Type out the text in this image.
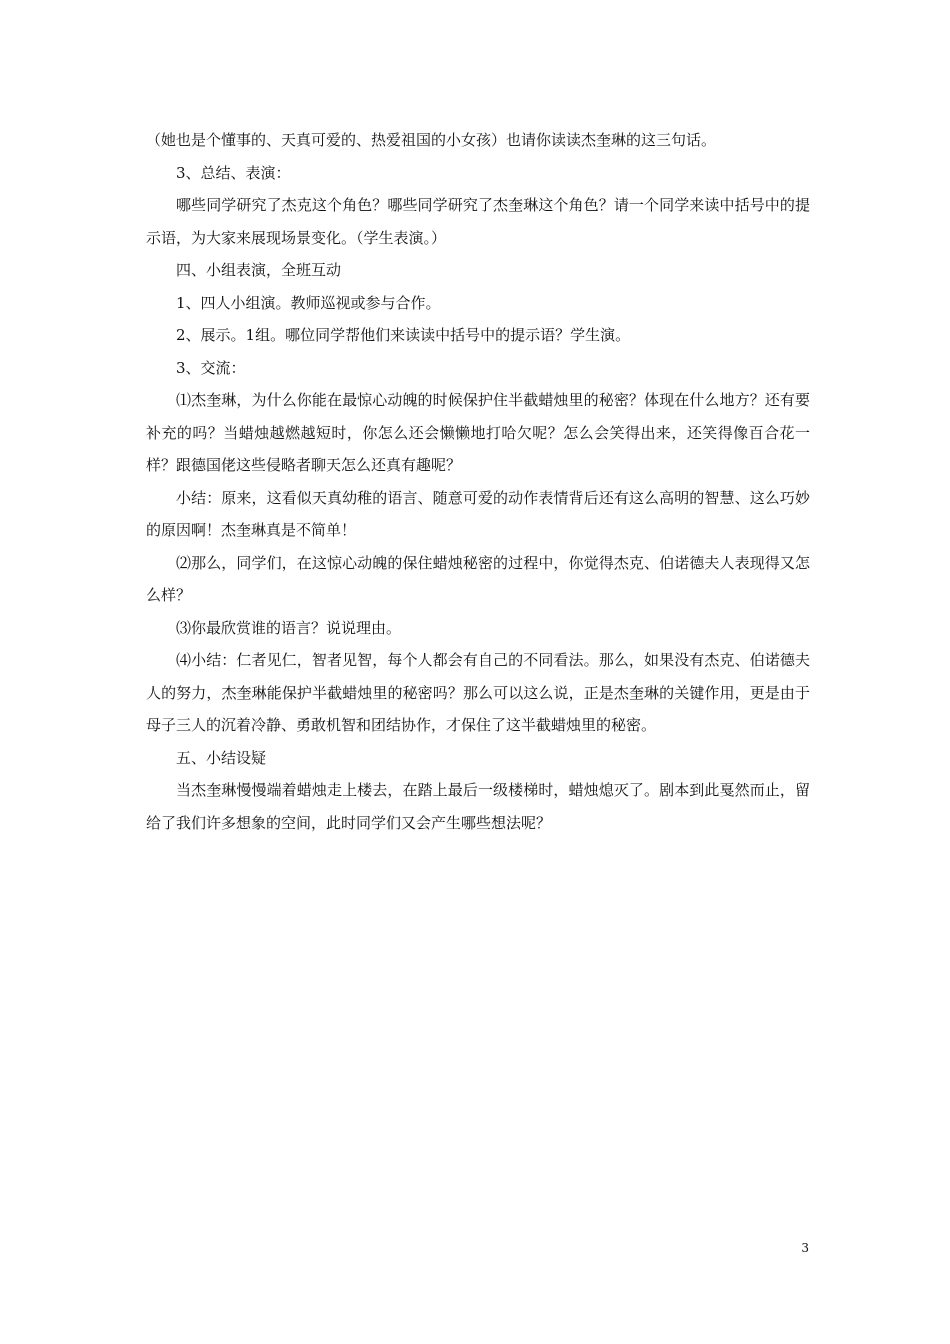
（她也是个懂事的、天真可爱的、热爱祖国的小女孩）也请你读读杰奎琳的这三句话。

3、总结、表演：

哪些同学研究了杰克这个角色？哪些同学研究了杰奎琳这个角色？请一个同学来读中括号中的提示语，为大家来展现场景变化。（学生表演。）

四、小组表演，全班互动

1、四人小组演。教师巡视或参与合作。

2、展示。1组。哪位同学帮他们来读读中括号中的提示语？学生演。

3、交流：

⑴杰奎琳，为什么你能在最惊心动魄的时候保护住半截蜡烛里的秘密？体现在什么地方？还有要补充的吗？当蜡烛越燃越短时，你怎么还会懒懒地打哈欠呢？怎么会笑得出来，还笑得像百合花一样？跟德国佬这些侵略者聊天怎么还真有趣呢？

小结：原来，这看似天真幼稚的语言、随意可爱的动作表情背后还有这么高明的智慧、这么巧妙的原因啊！杰奎琳真是不简单！

⑵那么，同学们，在这惊心动魄的保住蜡烛秘密的过程中，你觉得杰克、伯诺德夫人表现得又怎么样？

⑶你最欣赏谁的语言？说说理由。

⑷小结：仁者见仁，智者见智，每个人都会有自己的不同看法。那么，如果没有杰克、伯诺德夫人的努力，杰奎琳能保护半截蜡烛里的秘密吗？那么可以这么说，正是杰奎琳的关键作用，更是由于母子三人的沉着冷静、勇敢机智和团结协作，才保住了这半截蜡烛里的秘密。

五、小结设疑

当杰奎琳慢慢端着蜡烛走上楼去，在踏上最后一级楼梯时，蜡烛熄灭了。剧本到此戛然而止，留给了我们许多想象的空间，此时同学们又会产生哪些想法呢？

3
